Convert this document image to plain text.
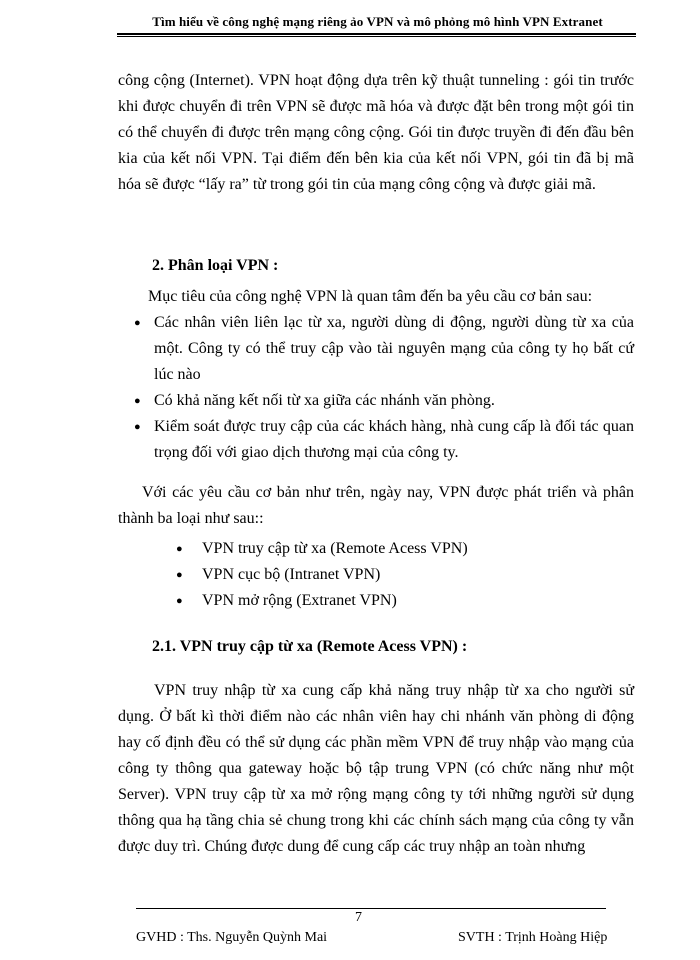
Tìm hiểu về công nghệ mạng riêng ảo VPN và mô phỏng mô hình VPN Extranet

công cộng (Internet). VPN hoạt động dựa trên kỹ thuật tunneling : gói tin trước khi được chuyển đi trên VPN sẽ được mã hóa và được đặt bên trong một gói tin có thể chuyển đi được trên mạng công cộng. Gói tin được truyền đi đến đầu bên kia của kết nối VPN. Tại điểm đến bên kia của kết nối VPN, gói tin đã bị mã hóa sẽ được “lấy ra” từ trong gói tin của mạng công cộng và được giải mã.

2. Phân loại VPN :

Mục tiêu của công nghệ VPN là quan tâm đến ba yêu cầu cơ bản sau:

● Các nhân viên liên lạc từ xa, người dùng di động, người dùng từ xa của một. Công ty có thể truy cập vào tài nguyên mạng của công ty họ bất cứ lúc nào
● Có khả năng kết nối từ xa giữa các nhánh văn phòng.
● Kiểm soát được truy cập của các khách hàng, nhà cung cấp là đối tác quan trọng đối với giao dịch thương mại của công ty.

Với các yêu cầu cơ bản như trên, ngày nay, VPN được phát triển và phân thành ba loại như sau::

● VPN truy cập từ xa (Remote Acess VPN)
● VPN cục bộ (Intranet VPN)
● VPN mở rộng (Extranet VPN)
2.1. VPN truy cập từ xa (Remote Acess VPN) :

VPN truy nhập từ xa cung cấp khả năng truy nhập từ xa cho người sử dụng. Ở bất kì thời điểm nào các nhân viên hay chi nhánh văn phòng di động hay cố định đều có thể sử dụng các phần mềm VPN để truy nhập vào mạng của công ty thông qua gateway hoặc bộ tập trung VPN (có chức năng như một Server). VPN truy cập từ xa mở rộng mạng công ty tới những người sử dụng thông qua hạ tầng chia sẻ chung trong khi các chính sách mạng của công ty vẫn được duy trì. Chúng được dung để cung cấp các truy nhập an toàn nhưng

7
GVHD : Ths. Nguyễn Quỳnh Mai	SVTH : Trịnh Hoàng Hiệp
